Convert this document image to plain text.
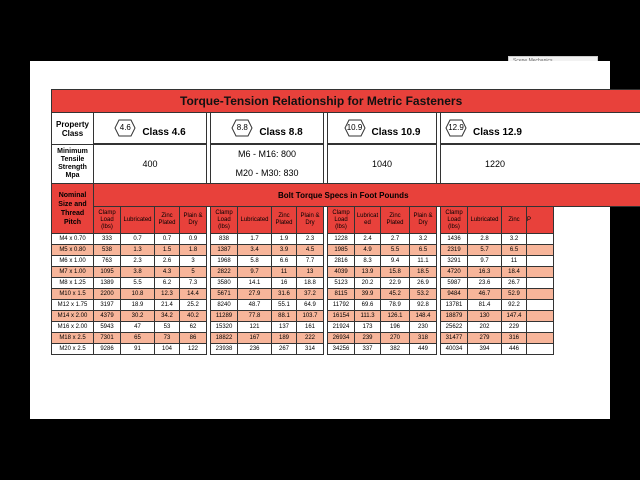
Torque-Tension Relationship for Metric Fasteners																			
Property Class	4.6 $_{Class 4.6}$					8.8 $_{Class 8.8}$					10.9 $_{Class 10.9}$					12.9 $_{Class 12.9}$

Minimum Tensile Strength Mpa	400					M6 - M16: 800
M20 - M30: 830					1040					1220			
Nominal Size and Thread Pitch	Bolt Torque Specs in Foot Pounds																		
	Clamp Load (lbs)	Lubricated	Zinc Plated	Plain & Dry		Clamp Load (lbs)	Lubricated	Zinc Plated	Plain & Dry		Clamp Load (lbs)	Lubricat ed	Zinc Plated	Plain & Dry		Clamp Load (lbs)	Lubricated	Zinc	P
M4 x 0.70	333	0.7	0.7	0.9		838	1.7	1.9	2.3		1228	2.4	2.7	3.2		1436	2.8	3.2	
M5 x 0.80	538	1.3	1.5	1.8		1387	3.4	3.9	4.5		1985	4.9	5.5	6.5		2319	5.7	6.5	
M6 x 1.00	763	2.3	2.6	3		1968	5.8	6.6	7.7		2816	8.3	9.4	11.1		3291	9.7	11	
M7 x 1.00	1095	3.8	4.3	5		2822	9.7	11	13		4039	13.9	15.8	18.5		4720	16.3	18.4	
M8 x 1.25	1389	5.5	6.2	7.3		3580	14.1	16	18.8		5123	20.2	22.9	26.9		5987	23.6	26.7	
M10 x 1.5	2200	10.8	12.3	14.4		5671	27.9	31.6	37.2		8115	39.9	45.2	53.2		9484	46.7	52.9	
M12 x 1.75	3197	18.9	21.4	25.2		8240	48.7	55.1	64.9		11792	69.6	78.9	92.8		13781	81.4	92.2	
M14 x 2.00	4379	30.2	34.2	40.2		11289	77.8	88.1	103.7		16154	111.3	126.1	148.4		18879	130	147.4	
M16 x 2.00	5943	47	53	62		15320	121	137	161		21924	173	196	230		25622	202	229	
M18 x 2.5	7301	65	73	86		18822	167	189	222		26934	239	270	318		31477	279	316	
M20 x 2.5	9286	91	104	122		23938	236	267	314		34256	337	382	449		40034	394	446	
